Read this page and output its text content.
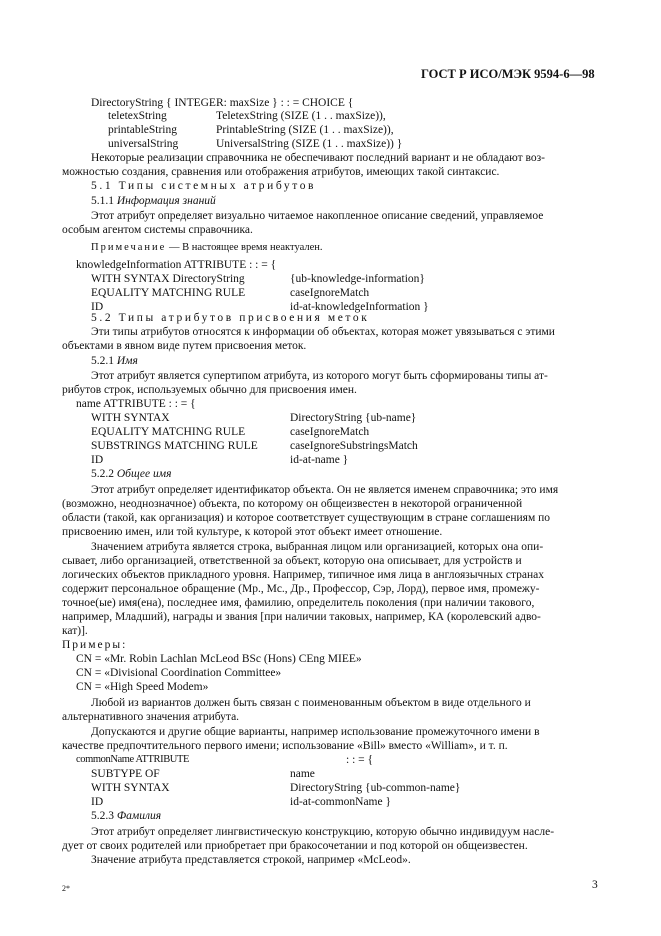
ГОСТ Р ИСО/МЭК 9594-6—98
DirectoryString { INTEGER: maxSize } : : = CHOICE {
teletexString	TeletexString (SIZE (1 . . maxSize)),
printableString	PrintableString (SIZE (1 . . maxSize)),
universalString	UniversalString (SIZE (1 . . maxSize)) }
Некоторые реализации справочника не обеспечивают последний вариант и не обладают воз-
можностью создания, сравнения или отображения атрибутов, имеющих такой синтаксис.
5.1 Типы системных атрибутов
5.1.1 Информация знаний
Этот атрибут определяет визуально читаемое накопленное описание сведений, управляемое
особым агентом системы справочника.
Примечание — В настоящее время неактуален.
knowledgeInformation ATTRIBUTE : : = {
WITH SYNTAX DirectoryString	{ub-knowledge-information}
EQUALITY MATCHING RULE	caseIgnoreMatch
ID	id-at-knowledgeInformation }
5.2 Типы атрибутов присвоения меток
Эти типы атрибутов относятся к информации об объектах, которая может увязываться с этими
объектами в явном виде путем присвоения меток.
5.2.1 Имя
Этот атрибут является супертипом атрибута, из которого могут быть сформированы типы ат-
рибутов строк, используемых обычно для присвоения имен.
name ATTRIBUTE : : = {
WITH SYNTAX	DirectoryString {ub-name}
EQUALITY MATCHING RULE	caseIgnoreMatch
SUBSTRINGS MATCHING RULE	caseIgnoreSubstringsMatch
ID	id-at-name }
5.2.2 Общее имя
Этот атрибут определяет идентификатор объекта. Он не является именем справочника; это имя
(возможно, неоднозначное) объекта, по которому он общеизвестен в некоторой ограниченной
области (такой, как организация) и которое соответствует существующим в стране соглашениям по
присвоению имен, или той культуре, к которой этот объект имеет отношение.
Значением атрибута является строка, выбранная лицом или организацией, которых она опи-
сывает, либо организацией, ответственной за объект, которую она описывает, для устройств и
логических объектов прикладного уровня. Например, типичное имя лица в англоязычных странах
содержит персональное обращение (Мр., Мс., Др., Профессор, Сэр, Лорд), первое имя, промежу-
точное(ые) имя(ена), последнее имя, фамилию, определитель поколения (при наличии такового,
например, Младший), награды и звания [при наличии таковых, например, КА (королевский адво-
кат)].
Примеры:
CN = «Mr. Robin Lachlan McLeod BSc (Hons) CEng MIEE»
CN = «Divisional Coordination Committee»
CN = «High Speed Modem»
Любой из вариантов должен быть связан с поименованным объектом в виде отдельного и
альтернативного значения атрибута.
Допускаются и другие общие варианты, например использование промежуточного имени в
качестве предпочтительного первого имени; использование «Bill» вместо «William», и т. п.
commonName ATTRIBUTE	: : = {
SUBTYPE OF	name
WITH SYNTAX	DirectoryString {ub-common-name}
ID	id-at-commonName }
5.2.3 Фамилия
Этот атрибут определяет лингвистическую конструкцию, которую обычно индивидуум насле-
дует от своих родителей или приобретает при бракосочетании и под которой он общеизвестен.
Значение атрибута представляется строкой, например «McLeod».
2*	3
